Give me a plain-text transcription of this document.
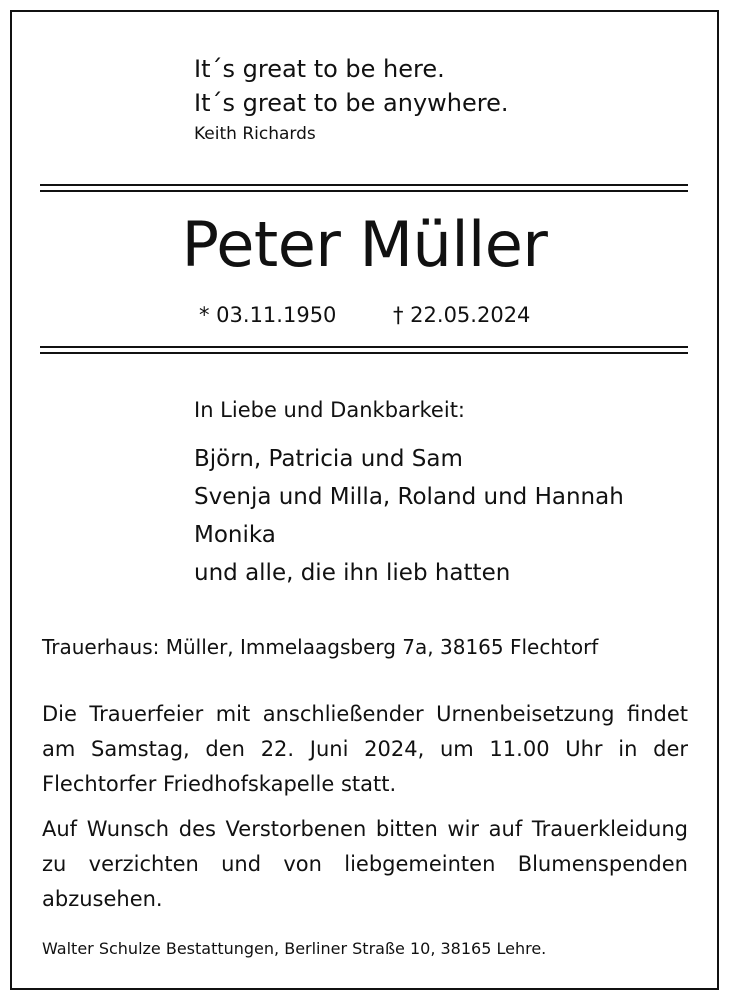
It´s great to be here.
It´s great to be anywhere.
Keith Richards
Peter Müller
* 03.11.1950	† 22.05.2024
In Liebe und Dankbarkeit:
Björn, Patricia und Sam
Svenja und Milla, Roland und Hannah
Monika
und alle, die ihn lieb hatten
Trauerhaus: Müller, Immelaagsberg 7a, 38165 Flechtorf
Die Trauerfeier mit anschließender Urnenbeisetzung findet am Samstag, den 22. Juni 2024, um 11.00 Uhr in der Flechtorfer Friedhofskapelle statt.
Auf Wunsch des Verstorbenen bitten wir auf Trauerkleidung zu verzichten und von liebgemeinten Blumenspenden abzusehen.
Walter Schulze Bestattungen, Berliner Straße 10, 38165 Lehre.
